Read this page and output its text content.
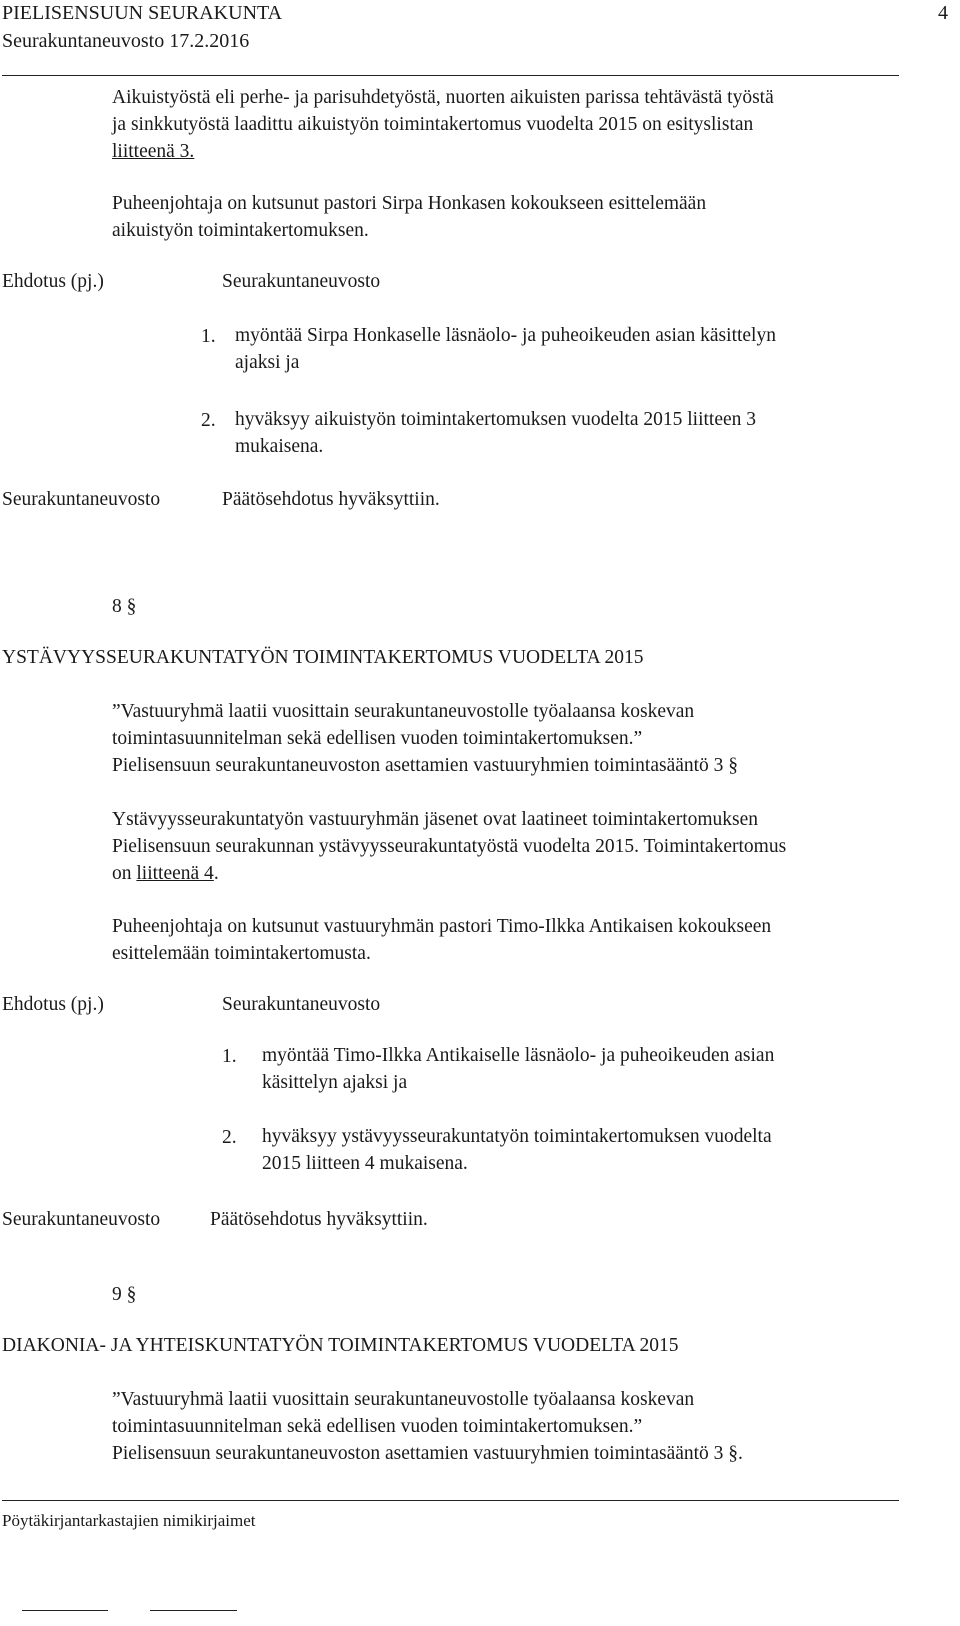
PIELISENSUUN SEURAKUNTA	4
Seurakuntaneuvosto 17.2.2016
Aikuistyöstä eli perhe- ja parisuhdetyöstä, nuorten aikuisten parissa tehtävästä työstä
ja sinkkutyöstä laadittu aikuistyön toimintakertomus vuodelta 2015 on esityslistan
liitteenä 3.
Puheenjohtaja on kutsunut pastori Sirpa Honkasen kokoukseen esittelemään
aikuistyön toimintakertomuksen.
Ehdotus (pj.)	Seurakuntaneuvosto
1. myöntää Sirpa Honkaselle läsnäolo- ja puheoikeuden asian käsittelyn
ajaksi ja
2. hyväksyy aikuistyön toimintakertomuksen vuodelta 2015 liitteen 3
mukaisena.
Seurakuntaneuvosto	Päätösehdotus hyväksyttiin.
8 §
YSTÄVYYSSEURAKUNTATYÖN TOIMINTAKERTOMUS VUODELTA 2015
”Vastuuryhmä laatii vuosittain seurakuntaneuvostolle työalaansa koskevan
toimintasuunnitelman sekä edellisen vuoden toimintakertomuksen.”
Pielisensuun seurakuntaneuvoston asettamien vastuuryhmien toimintasääntö 3 §
Ystävyysseurakuntatyön vastuuryhmän jäsenet ovat laatineet toimintakertomuksen
Pielisensuun seurakunnan ystävyysseurakuntatyöstä vuodelta 2015. Toimintakertomus
on liitteenä 4.
Puheenjohtaja on kutsunut vastuuryhmän pastori Timo-Ilkka Antikaisen kokoukseen
esittelemään toimintakertomusta.
Ehdotus (pj.)	Seurakuntaneuvosto
1. myöntää Timo-Ilkka Antikaiselle läsnäolo- ja puheoikeuden asian
käsittelyn ajaksi ja
2. hyväksyy ystävyysseurakuntatyön toimintakertomuksen vuodelta
2015 liitteen 4 mukaisena.
Seurakuntaneuvosto	Päätösehdotus hyväksyttiin.
9 §
DIAKONIA- JA YHTEISKUNTATYÖN TOIMINTAKERTOMUS VUODELTA 2015
”Vastuuryhmä laatii vuosittain seurakuntaneuvostolle työalaansa koskevan
toimintasuunnitelman sekä edellisen vuoden toimintakertomuksen.”
Pielisensuun seurakuntaneuvoston asettamien vastuuryhmien toimintasääntö 3 §.
Pöytäkirjantarkastajien nimikirjaimet
